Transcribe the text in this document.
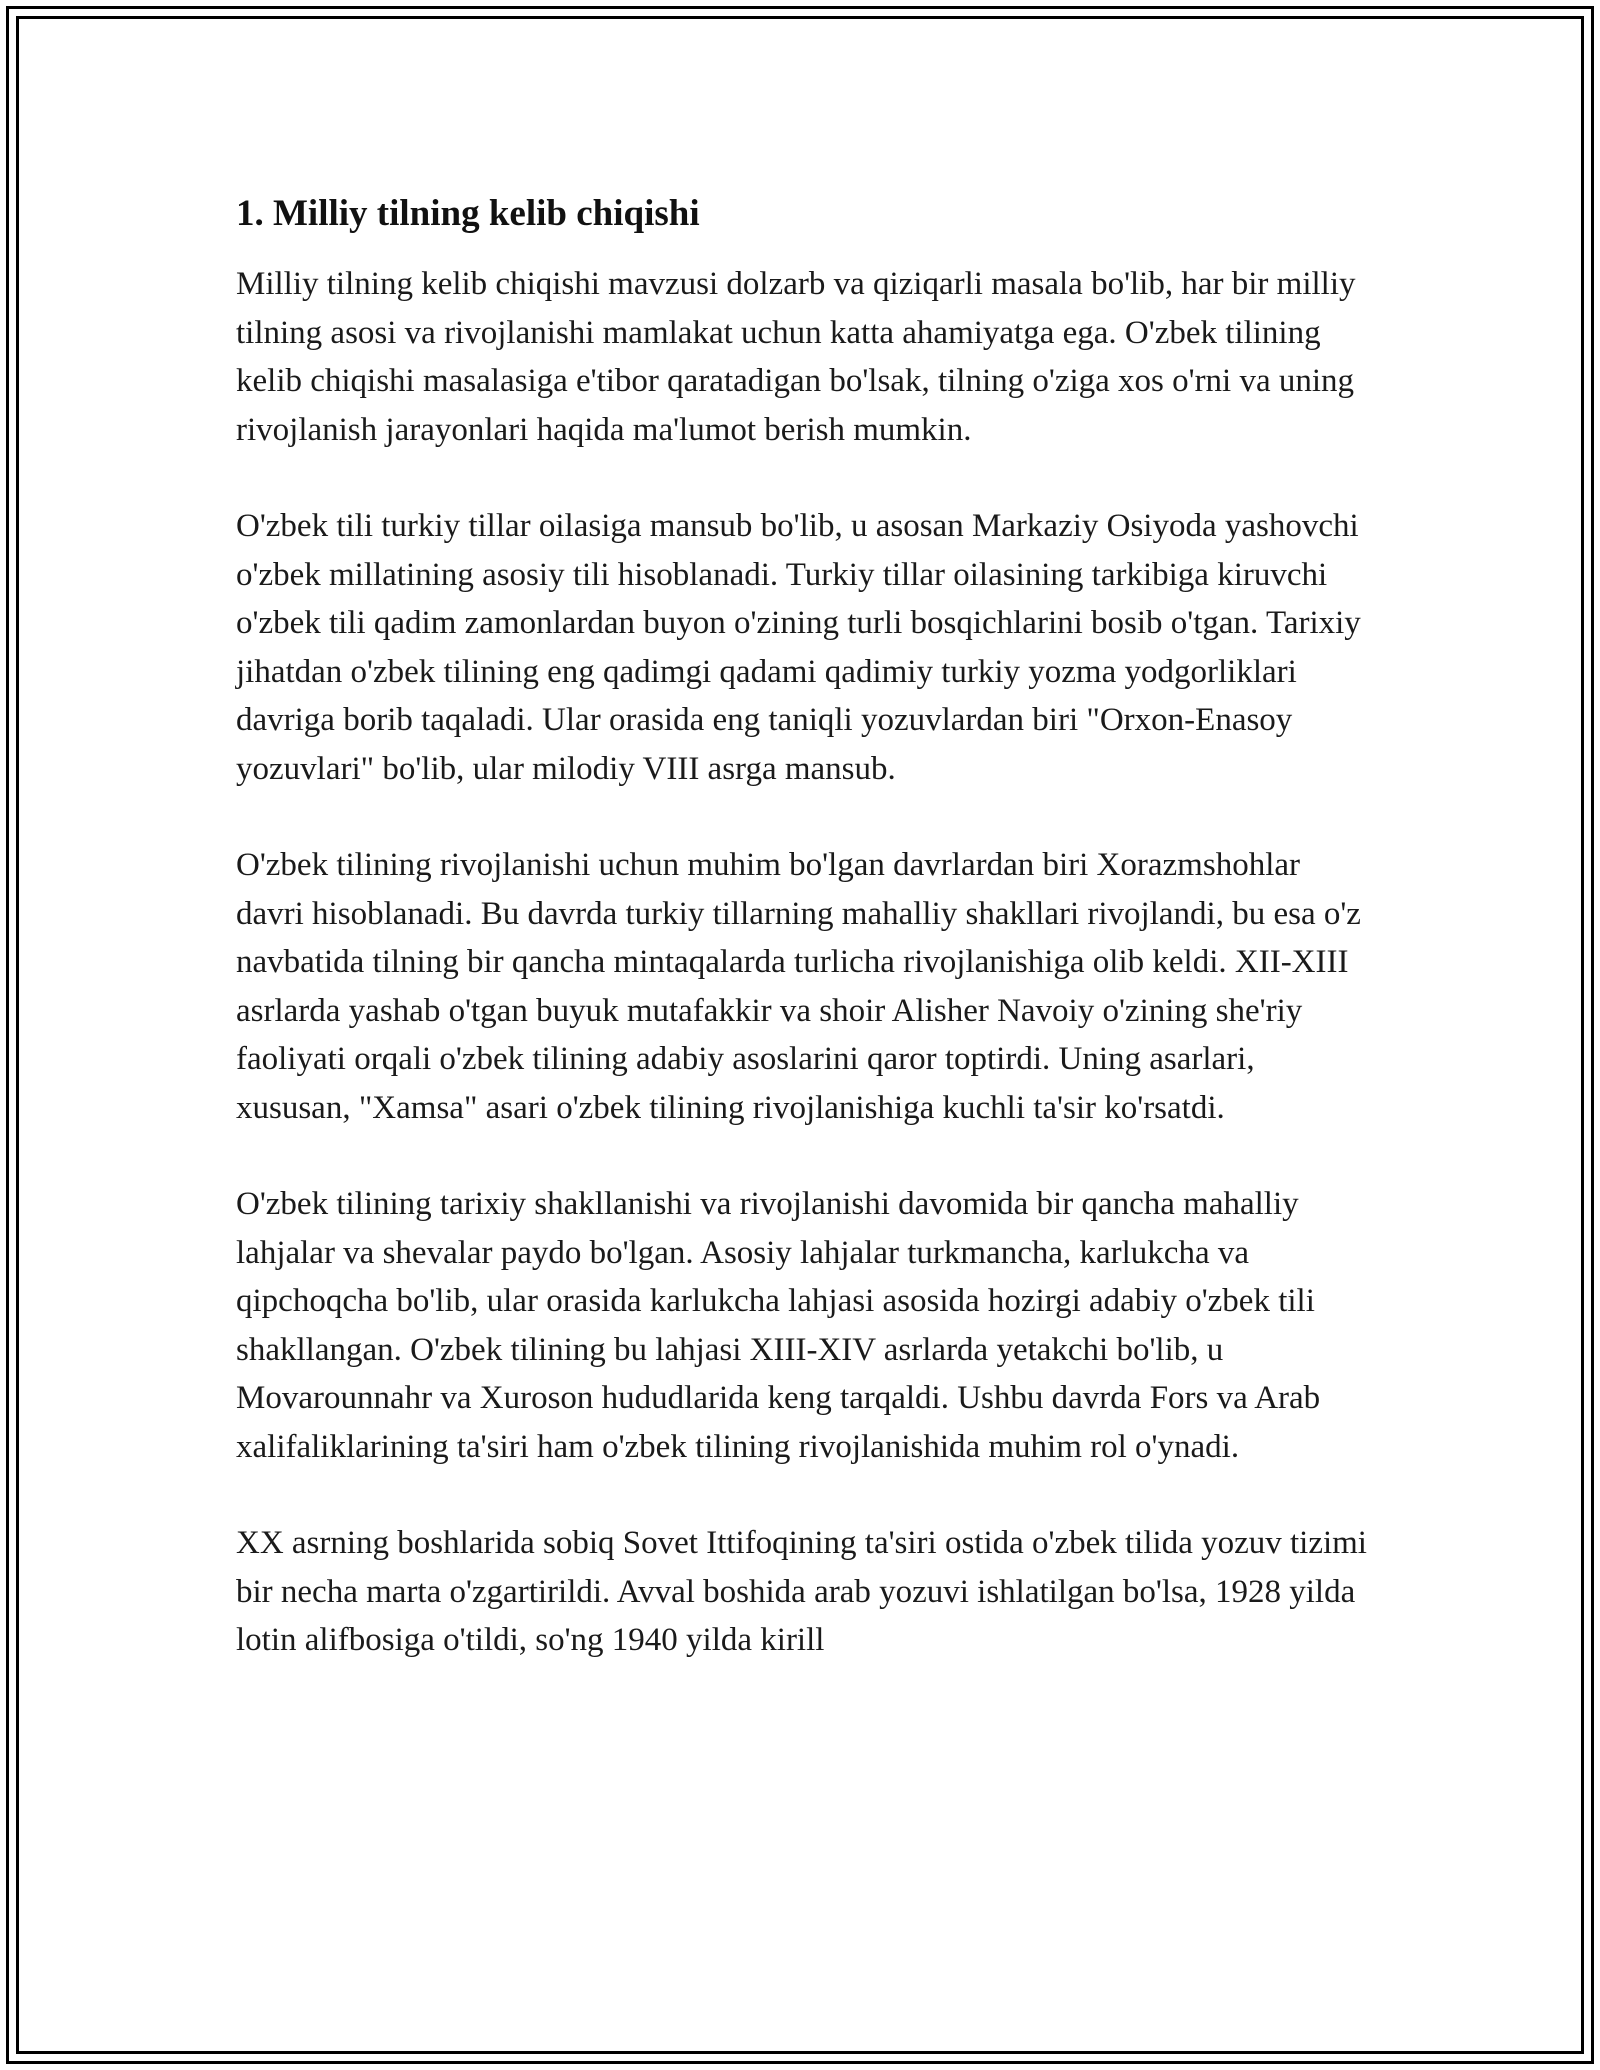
1. Milliy tilning kelib chiqishi

Milliy tilning kelib chiqishi mavzusi dolzarb va qiziqarli masala bo'lib, har bir milliy tilning asosi va rivojlanishi mamlakat uchun katta ahamiyatga ega. O'zbek tilining kelib chiqishi masalasiga e'tibor qaratadigan bo'lsak, tilning o'ziga xos o'rni va uning rivojlanish jarayonlari haqida ma'lumot berish mumkin.

O'zbek tili turkiy tillar oilasiga mansub bo'lib, u asosan Markaziy Osiyoda yashovchi o'zbek millatining asosiy tili hisoblanadi. Turkiy tillar oilasining tarkibiga kiruvchi o'zbek tili qadim zamonlardan buyon o'zining turli bosqichlarini bosib o'tgan. Tarixiy jihatdan o'zbek tilining eng qadimgi qadami qadimiy turkiy yozma yodgorliklari davriga borib taqaladi. Ular orasida eng taniqli yozuvlardan biri "Orxon-Enasoy yozuvlari" bo'lib, ular milodiy VIII asrga mansub.

O'zbek tilining rivojlanishi uchun muhim bo'lgan davrlardan biri Xorazmshohlar davri hisoblanadi. Bu davrda turkiy tillarning mahalliy shakllari rivojlandi, bu esa o'z navbatida tilning bir qancha mintaqalarda turlicha rivojlanishiga olib keldi. XII-XIII asrlarda yashab o'tgan buyuk mutafakkir va shoir Alisher Navoiy o'zining she'riy faoliyati orqali o'zbek tilining adabiy asoslarini qaror toptirdi. Uning asarlari, xususan, "Xamsa" asari o'zbek tilining rivojlanishiga kuchli ta'sir ko'rsatdi.

O'zbek tilining tarixiy shakllanishi va rivojlanishi davomida bir qancha mahalliy lahjalar va shevalar paydo bo'lgan. Asosiy lahjalar turkmancha, karlukcha va qipchoqcha bo'lib, ular orasida karlukcha lahjasi asosida hozirgi adabiy o'zbek tili shakllangan. O'zbek tilining bu lahjasi XIII-XIV asrlarda yetakchi bo'lib, u Movarounnahr va Xuroson hududlarida keng tarqaldi. Ushbu davrda Fors va Arab xalifaliklarining ta'siri ham o'zbek tilining rivojlanishida muhim rol o'ynadi.

XX asrning boshlarida sobiq Sovet Ittifoqining ta'siri ostida o'zbek tilida yozuv tizimi bir necha marta o'zgartirildi. Avval boshida arab yozuvi ishlatilgan bo'lsa, 1928 yilda lotin alifbosiga o'tildi, so'ng 1940 yilda kirill
